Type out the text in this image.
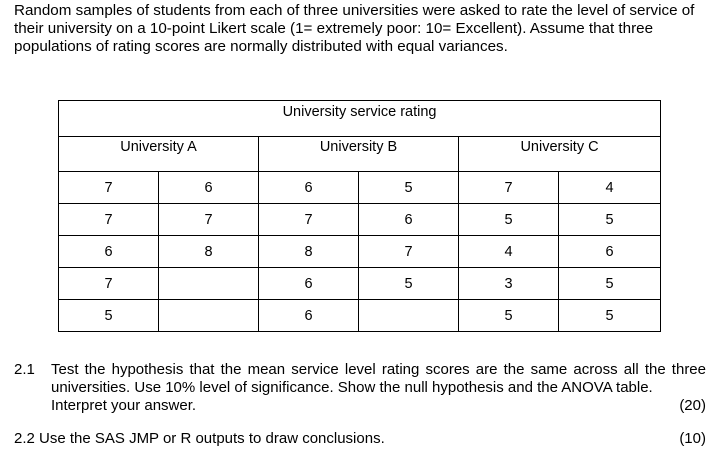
Random samples of students from each of three universities were asked to rate the level of service of their university on a 10-point Likert scale (1= extremely poor: 10= Excellent). Assume that three populations of rating scores are normally distributed with equal variances.

University service rating					
University A		University B		University C	
7	6	6	5	7	4
7	7	7	6	5	5
6	8	8	7	4	6
7		6	5	3	5
5		6		5	5
2.1 Test the hypothesis that the mean service level rating scores are the same across all the three universities. Use 10% level of significance. Show the null hypothesis and the ANOVA table.
Interpret your answer.	(20)
2.2 Use the SAS JMP or R outputs to draw conclusions.	(10)
